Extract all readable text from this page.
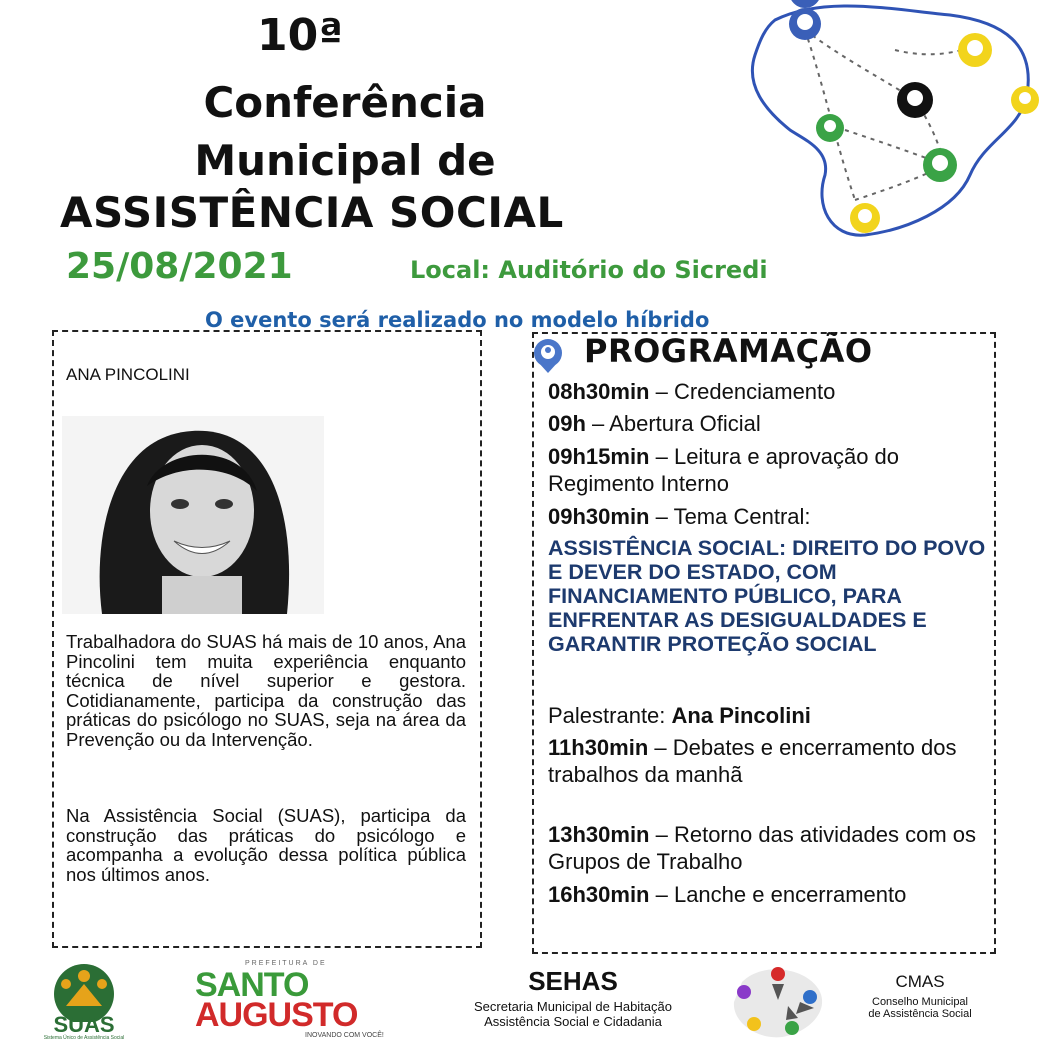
10ª
Conferência
Municipal de
ASSISTÊNCIA SOCIAL
25/08/2021	Local: Auditório do Sicredi
O evento será realizado no modelo híbrido
ANA PINCOLINI
Trabalhadora do SUAS há mais de 10 anos, Ana Pincolini tem muita experiência enquanto técnica de nível superior e gestora. Cotidianamente, participa da construção das práticas do psicólogo no SUAS, seja na área da Prevenção ou da Intervenção.
Na Assistência Social (SUAS), participa da construção das práticas do psicólogo e acompanha a evolução dessa política pública nos últimos anos.
PROGRAMAÇÃO
08h30min – Credenciamento
09h – Abertura Oficial
09h15min – Leitura e aprovação do Regimento Interno
09h30min – Tema Central:
ASSISTÊNCIA SOCIAL: DIREITO DO POVO E DEVER DO ESTADO, COM FINANCIAMENTO PÚBLICO, PARA ENFRENTAR AS DESIGUALDADES E GARANTIR PROTEÇÃO SOCIAL
Palestrante: Ana Pincolini
11h30min – Debates e encerramento dos trabalhos da manhã
13h30min – Retorno das atividades com os Grupos de Trabalho
16h30min – Lanche e encerramento
SUAS
Sistema Único de Assistência Social
PREFEITURA DE
SANTO
AUGUSTO
INOVANDO COM VOCÊ!
SEHAS
Secretaria Municipal de Habitação
Assistência Social e Cidadania
CMAS
Conselho Municipal
de Assistência Social
